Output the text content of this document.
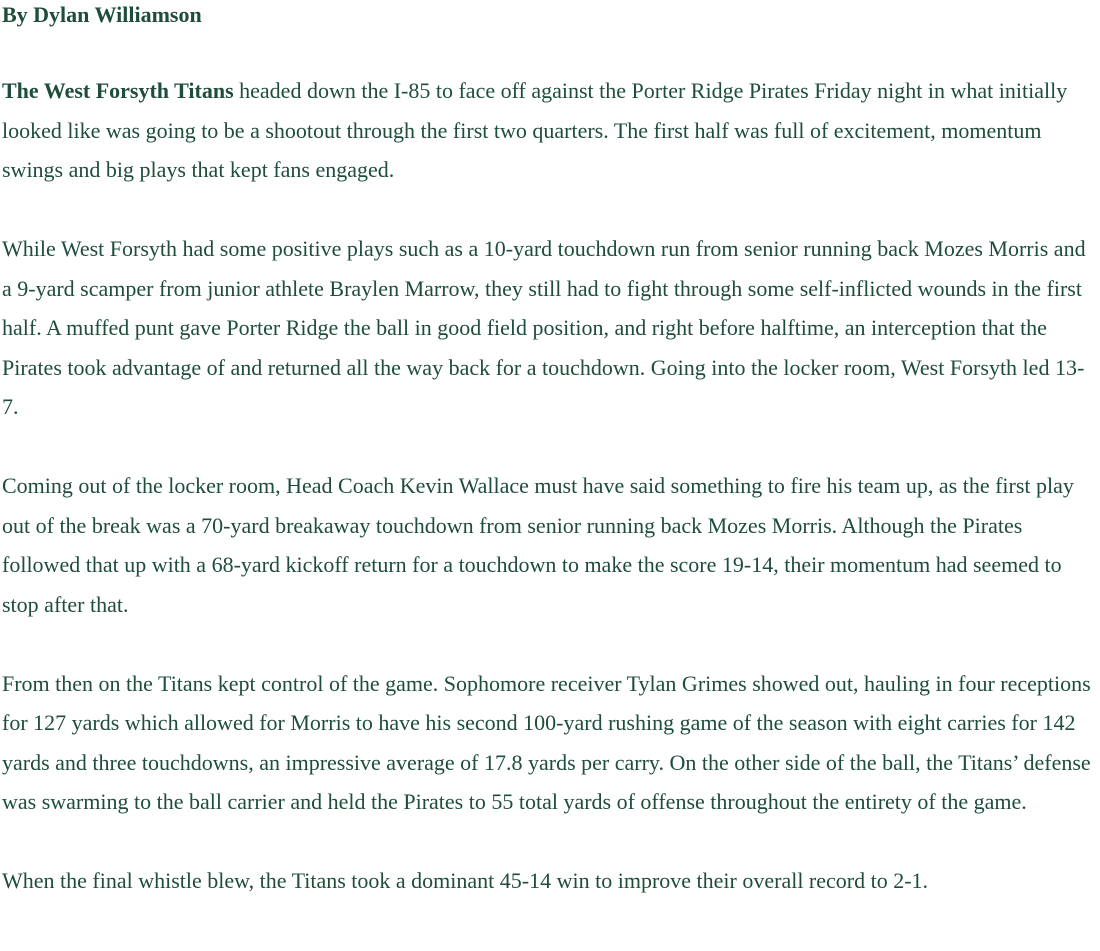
By Dylan Williamson

The West Forsyth Titans headed down the I-85 to face off against the Porter Ridge Pirates Friday night in what initially looked like was going to be a shootout through the first two quarters. The first half was full of excitement, momentum swings and big plays that kept fans engaged.

While West Forsyth had some positive plays such as a 10-yard touchdown run from senior running back Mozes Morris and a 9-yard scamper from junior athlete Braylen Marrow, they still had to fight through some self-inflicted wounds in the first half. A muffed punt gave Porter Ridge the ball in good field position, and right before halftime, an interception that the Pirates took advantage of and returned all the way back for a touchdown. Going into the locker room, West Forsyth led 13-7.

Coming out of the locker room, Head Coach Kevin Wallace must have said something to fire his team up, as the first play out of the break was a 70-yard breakaway touchdown from senior running back Mozes Morris. Although the Pirates followed that up with a 68-yard kickoff return for a touchdown to make the score 19-14, their momentum had seemed to stop after that.

From then on the Titans kept control of the game. Sophomore receiver Tylan Grimes showed out, hauling in four receptions for 127 yards which allowed for Morris to have his second 100-yard rushing game of the season with eight carries for 142 yards and three touchdowns, an impressive average of 17.8 yards per carry. On the other side of the ball, the Titans’ defense was swarming to the ball carrier and held the Pirates to 55 total yards of offense throughout the entirety of the game.

When the final whistle blew, the Titans took a dominant 45-14 win to improve their overall record to 2-1.
